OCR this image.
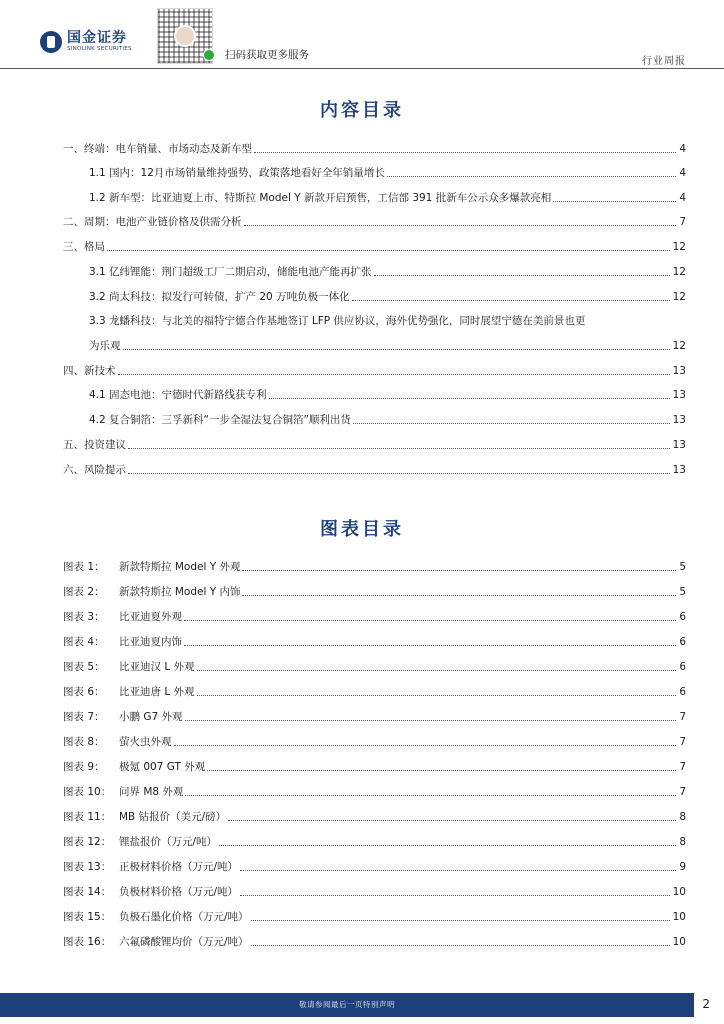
国金证券
SINOLINK SECURITIES	扫码获取更多服务
行业周报
内容目录
一、终端：电车销量、市场动态及新车型	4
1.1 国内：12月市场销量维持强势，政策落地看好全年销量增长	4
1.2 新车型：比亚迪夏上市、特斯拉 Model Y 新款开启预售，工信部 391 批新车公示众多爆款亮相	4
二、周期：电池产业链价格及供需分析	7
三、格局	12
3.1 亿纬锂能：荆门超级工厂二期启动，储能电池产能再扩张	12
3.2 尚太科技：拟发行可转债，扩产 20 万吨负极一体化	12
3.3 龙蟠科技：与北美的福特宁德合作基地签订 LFP 供应协议，海外优势强化，同时展望宁德在美前景也更
为乐观	12
四、新技术	13
4.1 固态电池：宁德时代新路线获专利	13
4.2 复合铜箔：三孚新科“一步全湿法复合铜箔”顺利出货	13
五、投资建议	13
六、风险提示	13
图表目录
图表 1：	新款特斯拉 Model Y 外观	5
图表 2：	新款特斯拉 Model Y 内饰	5
图表 3：	比亚迪夏外观	6
图表 4：	比亚迪夏内饰	6
图表 5：	比亚迪汉 L 外观	6
图表 6：	比亚迪唐 L 外观	6
图表 7：	小鹏 G7 外观	7
图表 8：	萤火虫外观	7
图表 9：	极氪 007 GT 外观	7
图表 10： 问界 M8 外观	7
图表 11： MB 钴报价（美元/磅）	8
图表 12： 锂盐报价（万元/吨）	8
图表 13： 正极材料价格（万元/吨）	9
图表 14： 负极材料价格（万元/吨）	10
图表 15： 负极石墨化价格（万元/吨）	10
图表 16： 六氟磷酸锂均价（万元/吨）	10
敬请参阅最后一页特别声明	2
